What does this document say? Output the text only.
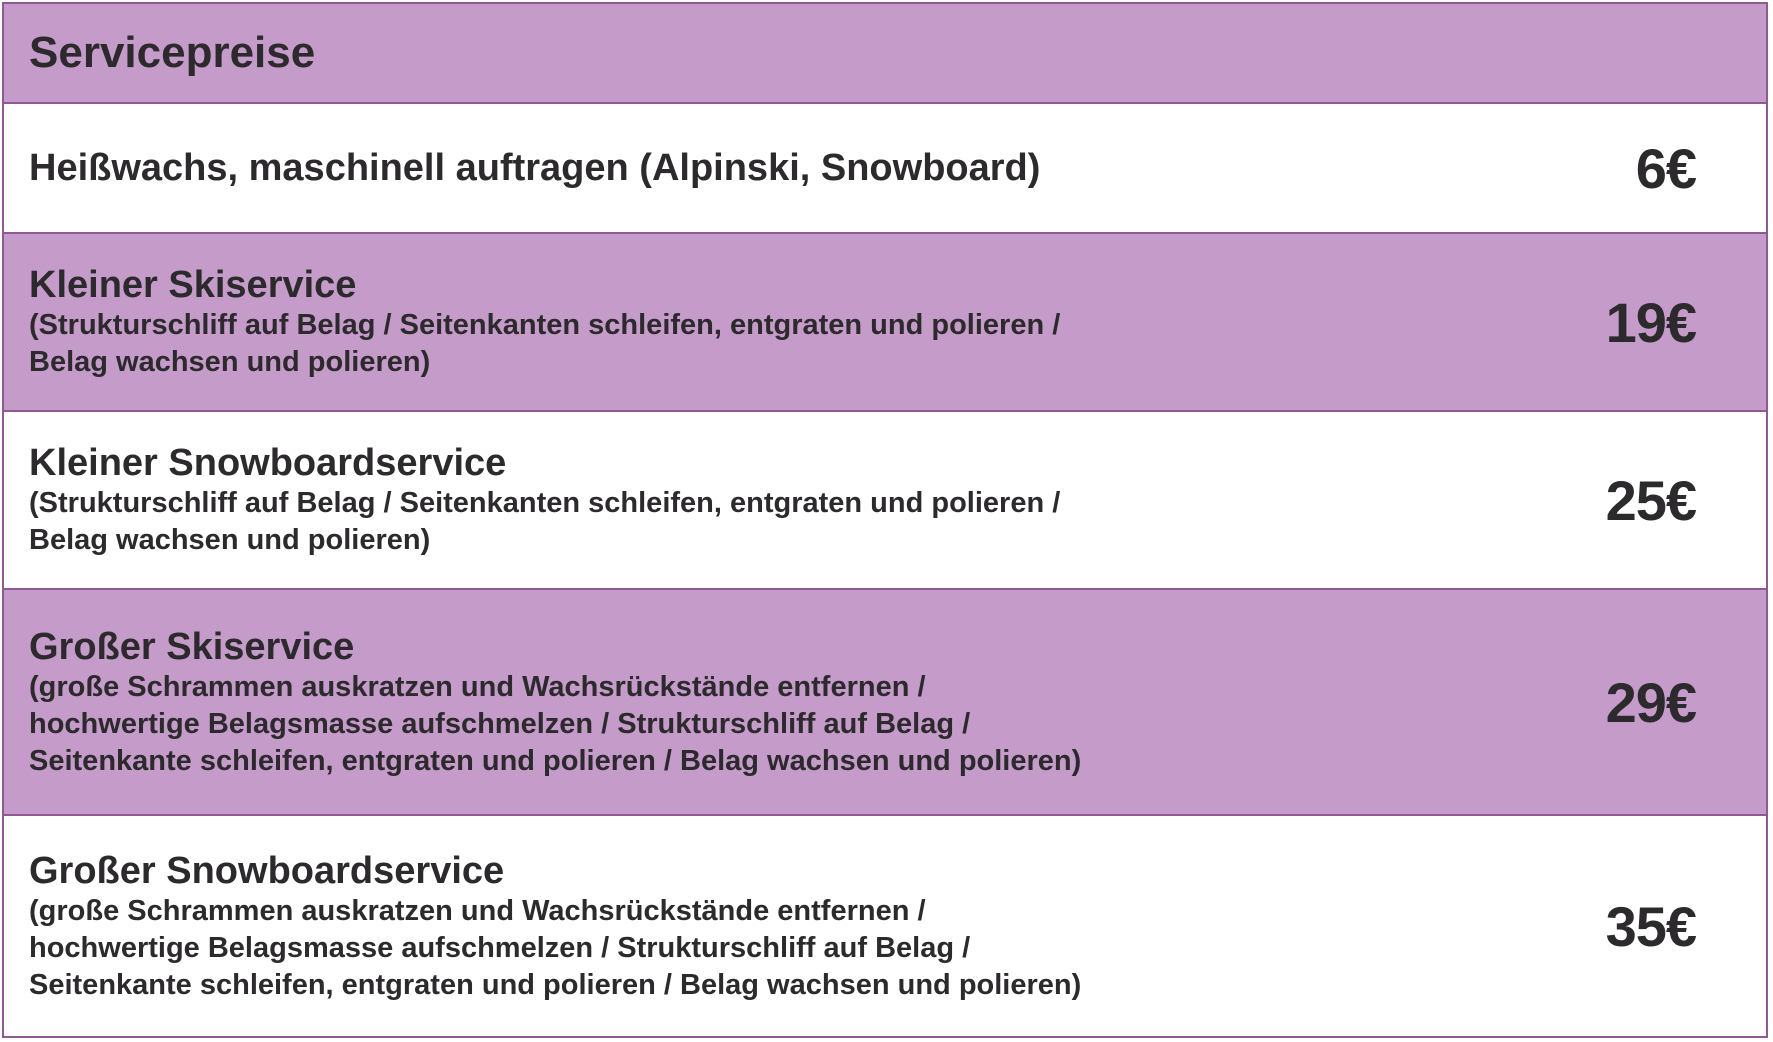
Servicepreise
Heißwachs, maschinell auftragen (Alpinski, Snowboard)	6€
Kleiner Skiservice
(Strukturschliff auf Belag / Seitenkanten schleifen, entgraten und polieren /
Belag wachsen und polieren)
19€
Kleiner Snowboardservice
(Strukturschliff auf Belag / Seitenkanten schleifen, entgraten und polieren /
Belag wachsen und polieren)
25€
Großer Skiservice
(große Schrammen auskratzen und Wachsrückstände entfernen /
hochwertige Belagsmasse aufschmelzen / Strukturschliff auf Belag /
Seitenkante schleifen, entgraten und polieren / Belag wachsen und polieren)
29€
Großer Snowboardservice
(große Schrammen auskratzen und Wachsrückstände entfernen /
hochwertige Belagsmasse aufschmelzen / Strukturschliff auf Belag /
Seitenkante schleifen, entgraten und polieren / Belag wachsen und polieren)
35€
